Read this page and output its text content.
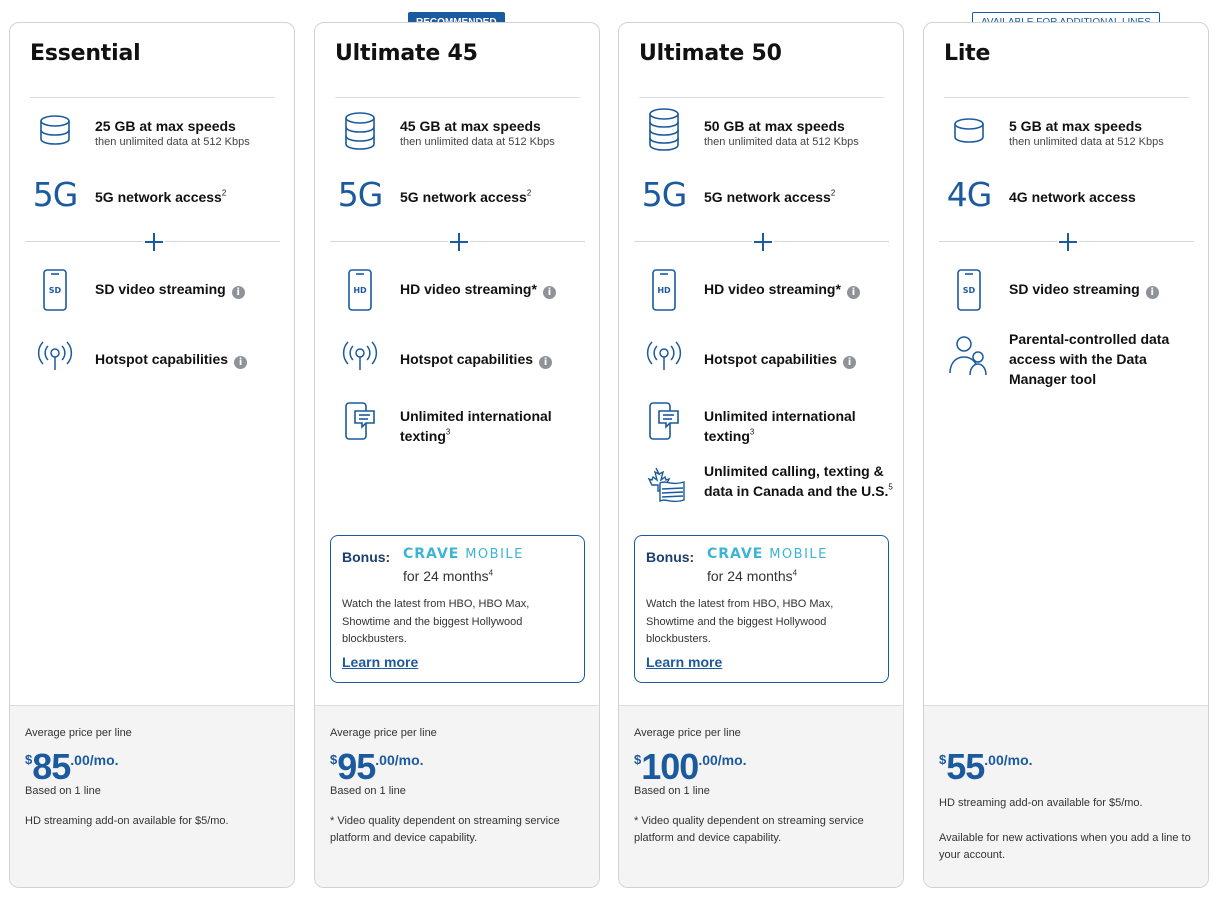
Essential
25 GB at max speeds
then unlimited data at 512 Kbps
5G 5G network access$^2$
SD SD video streaming i
Hotspot capabilities i
Average price per line
$85.00/mo.
Based on 1 line
HD streaming add-on available for $5/mo.
Ultimate 45
45 GB at max speeds
then unlimited data at 512 Kbps
5G 5G network access$^2$
HD HD video streaming* i
Hotspot capabilities i
Unlimited international texting$^3$
Bonus: CRAVE MOBILE
for 24 months$^4$
Watch the latest from HBO, HBO Max, Showtime and the biggest Hollywood blockbusters.
Learn more
Average price per line
$95.00/mo.
Based on 1 line
* Video quality dependent on streaming service platform and device capability.
Ultimate 50
50 GB at max speeds
then unlimited data at 512 Kbps
5G 5G network access$^2$
HD HD video streaming* i
Hotspot capabilities i
Unlimited international texting$^3$
Unlimited calling, texting & data in Canada and the U.S.$^5$
Bonus: CRAVE MOBILE
for 24 months$^4$
Watch the latest from HBO, HBO Max, Showtime and the biggest Hollywood blockbusters.
Learn more
Average price per line
$100.00/mo.
Based on 1 line
* Video quality dependent on streaming service platform and device capability.
Lite
5 GB at max speeds
then unlimited data at 512 Kbps
4G 4G network access
SD SD video streaming i
Parental-controlled data access with the Data Manager tool
$55.00/mo.
HD streaming add-on available for $5/mo.
Available for new activations when you add a line to your account.
